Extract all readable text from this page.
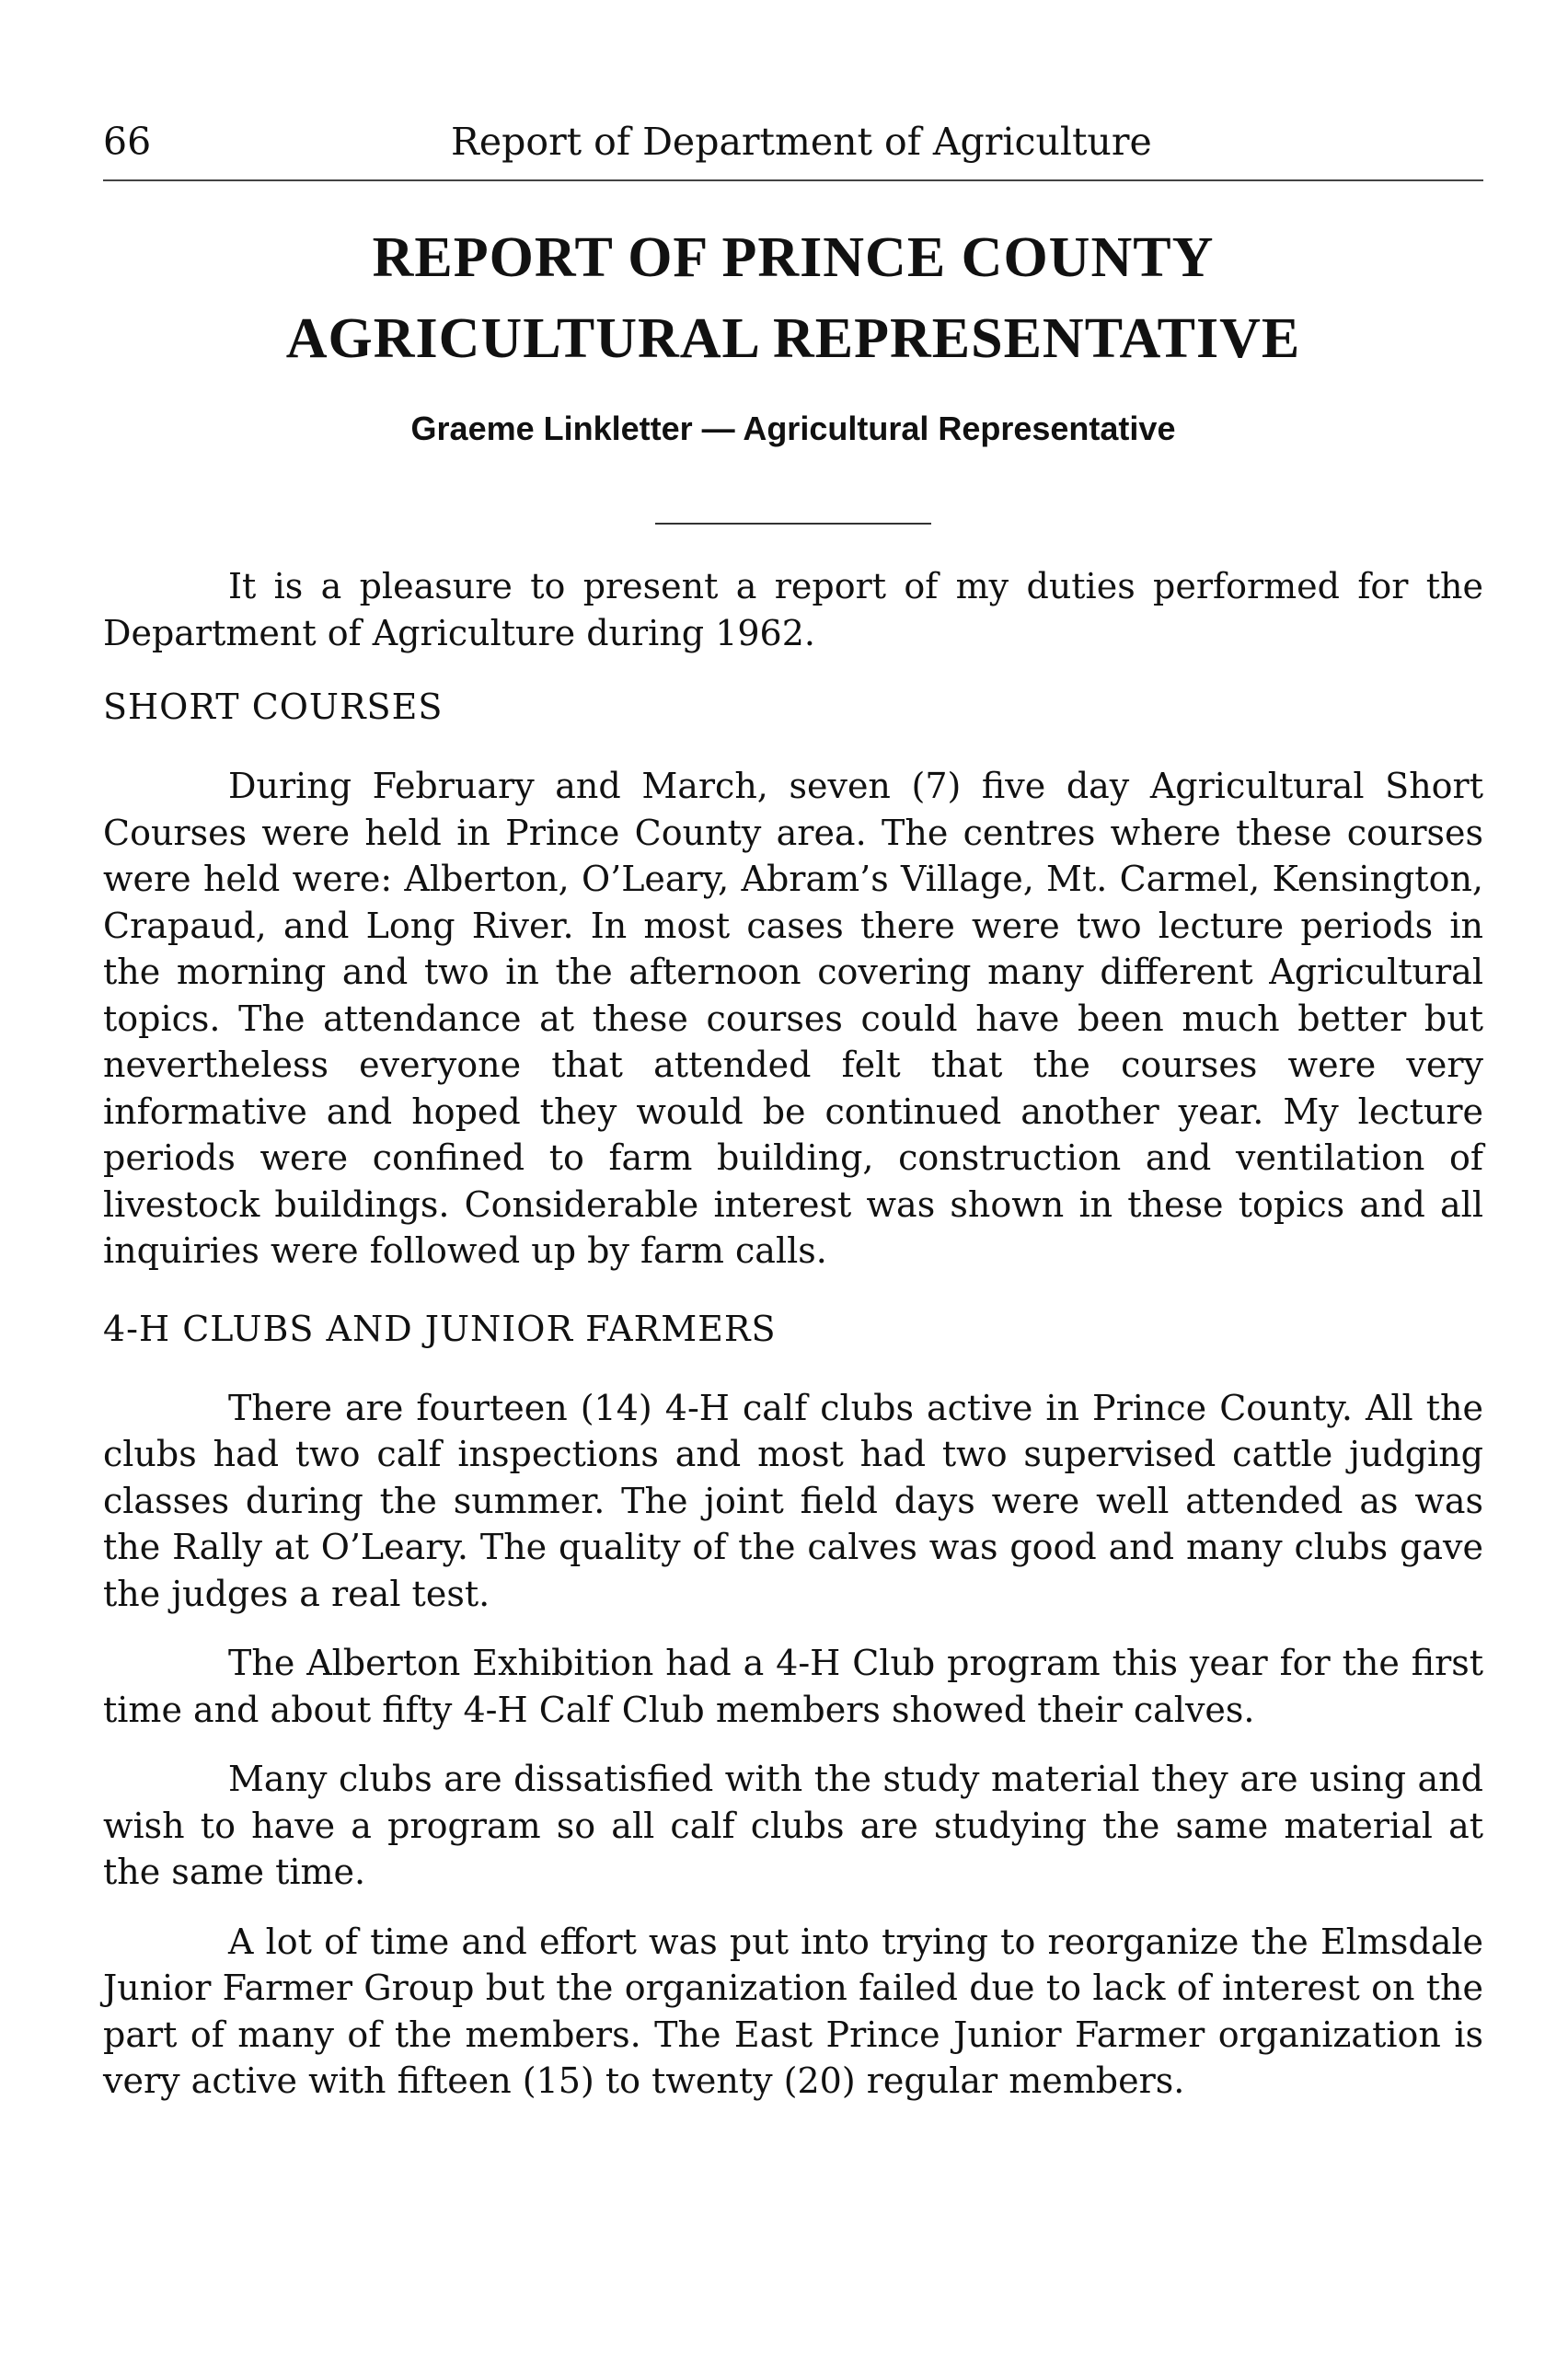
66	Report of Department of Agriculture
REPORT OF PRINCE COUNTY
AGRICULTURAL REPRESENTATIVE
Graeme Linkletter — Agricultural Representative

It is a pleasure to present a report of my duties performed for the Department of Agriculture during 1962.

SHORT COURSES

During February and March, seven (7) five day Agricultural Short Courses were held in Prince County area. The centres where these courses were held were: Alberton, O’Leary, Abram’s Village, Mt. Carmel, Kensington, Crapaud, and Long River. In most cases there were two lecture periods in the morning and two in the afternoon covering many different Agricultural topics. The attendance at these courses could have been much better but nevertheless everyone that attended felt that the courses were very informative and hoped they would be continued another year. My lecture periods were confined to farm building, construction and ventilation of livestock buildings. Considerable interest was shown in these topics and all inquiries were followed up by farm calls.

4-H CLUBS AND JUNIOR FARMERS

There are fourteen (14) 4-H calf clubs active in Prince County. All the clubs had two calf inspections and most had two supervised cattle judging classes during the summer. The joint field days were well attended as was the Rally at O’Leary. The quality of the calves was good and many clubs gave the judges a real test.

The Alberton Exhibition had a 4-H Club program this year for the first time and about fifty 4-H Calf Club members showed their calves.

Many clubs are dissatisfied with the study material they are using and wish to have a program so all calf clubs are studying the same material at the same time.

A lot of time and effort was put into trying to reorganize the Elmsdale Junior Farmer Group but the organization failed due to lack of interest on the part of many of the members. The East Prince Junior Farmer organization is very active with fifteen (15) to twenty (20) regular members.
